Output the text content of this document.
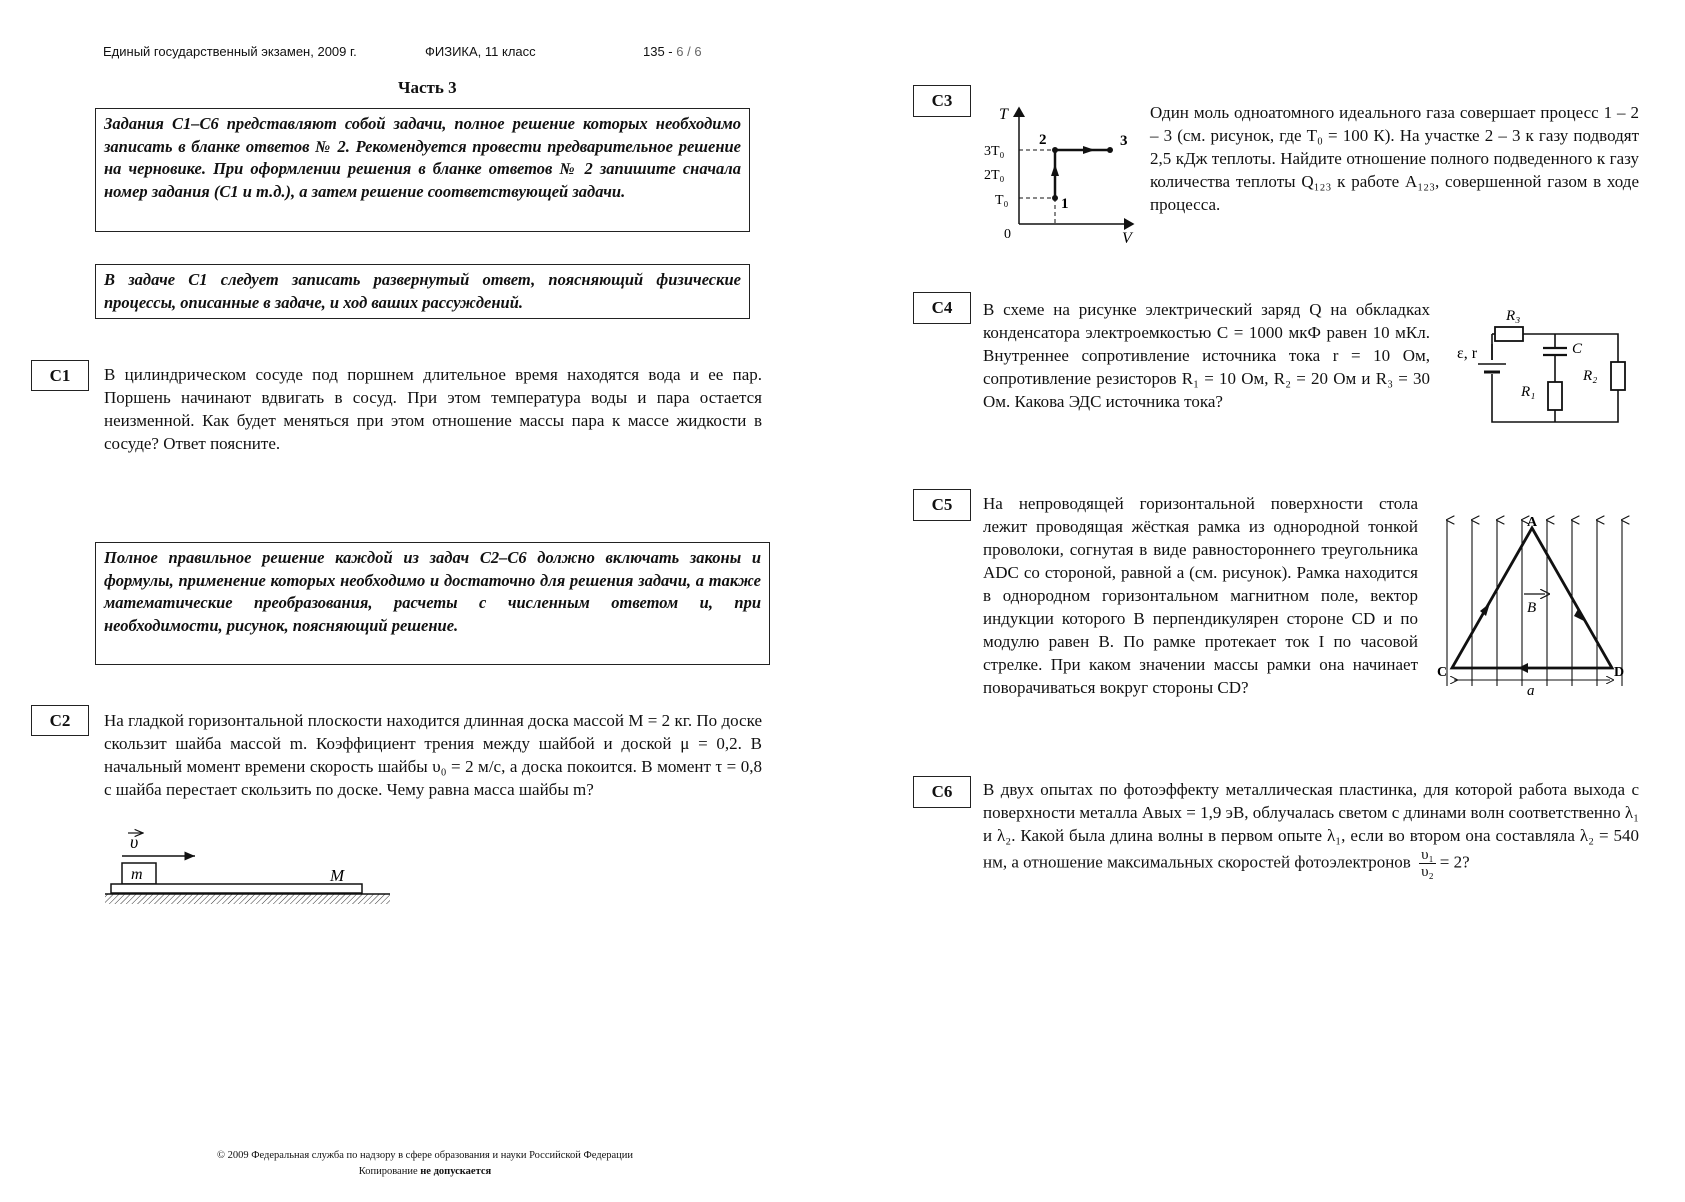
Единый государственный экзамен, 2009 г.	ФИЗИКА, 11 класс	135 - 6 / 6
Часть 3
Задания С1–С6 представляют собой задачи, полное решение которых необходимо записать в бланке ответов № 2. Рекомендуется провести предварительное решение на черновике. При оформлении решения в бланке ответов № 2 запишите сначала номер задания (С1 и т.д.), а затем решение соответствующей задачи.
В задаче С1 следует записать развернутый ответ, поясняющий физические процессы, описанные в задаче, и ход ваших рассуждений.
Полное правильное решение каждой из задач С2–С6 должно включать законы и формулы, применение которых необходимо и достаточно для решения задачи, а также математические преобразования, расчеты с численным ответом и, при необходимости, рисунок, поясняющий решение.
C1	В цилиндрическом сосуде под поршнем длительное время находятся вода и ее пар. Поршень начинают вдвигать в сосуд. При этом температура воды и пара остается неизменной. Как будет меняться при этом отношение массы пара к массе жидкости в сосуде? Ответ поясните.
C2	На гладкой горизонтальной плоскости находится длинная доска массой M = 2 кг. По доске скользит шайба массой m. Коэффициент трения между шайбой и доской μ = 0,2. В начальный момент времени скорость шайбы υ₀ = 2 м/с, а доска покоится. В момент τ = 0,8 с шайба перестает скользить по доске. Чему равна масса шайбы m?
υ
m	M
C3
Один моль одноатомного идеального газа совершает процесс 1 – 2 – 3 (см. рисунок, где T₀ = 100 К). На участке 2 – 3 к газу подводят 2,5 кДж теплоты. Найдите отношение полного подведенного к газу количества теплоты Q₁₂₃ к работе A₁₂₃, совершенной газом в ходе процесса.
T
V
3T₀
2T₀
T₀
0
1
2	3
C4	В схеме на рисунке электрический заряд Q на обкладках конденсатора электроемкостью C = 1000 мкФ равен 10 мКл. Внутреннее сопротивление источника тока r = 10 Ом, сопротивление резисторов R₁ = 10 Ом, R₂ = 20 Ом и R₃ = 30 Ом. Какова ЭДС источника тока?
R₃
ε, r	C
R₁
R₂
C5	На непроводящей горизонтальной поверхности стола лежит проводящая жёсткая рамка из однородной тонкой проволоки, согнутая в виде равностороннего треугольника ADC со стороной, равной a (см. рисунок). Рамка находится в однородном горизонтальном магнитном поле, вектор индукции которого B перпендикулярен стороне CD и по модулю равен B. По рамке протекает ток I по часовой стрелке. При каком значении массы рамки она начинает поворачиваться вокруг стороны CD?
B
A
C	D
a
C6	В двух опытах по фотоэффекту металлическая пластинка, для которой работа выхода с поверхности металла Aвых = 1,9 эВ, облучалась светом с длинами волн соответственно λ₁ и λ₂. Какой была длина волны в первом опыте λ₁, если во втором она составляла λ₂ = 540 нм, а отношение максимальных скоростей фотоэлектронов $\frac{\text{υ₁}}{\text{υ₂}} = 2$?
© 2009 Федеральная служба по надзору в сфере образования и науки Российской Федерации
Копирование не допускается
